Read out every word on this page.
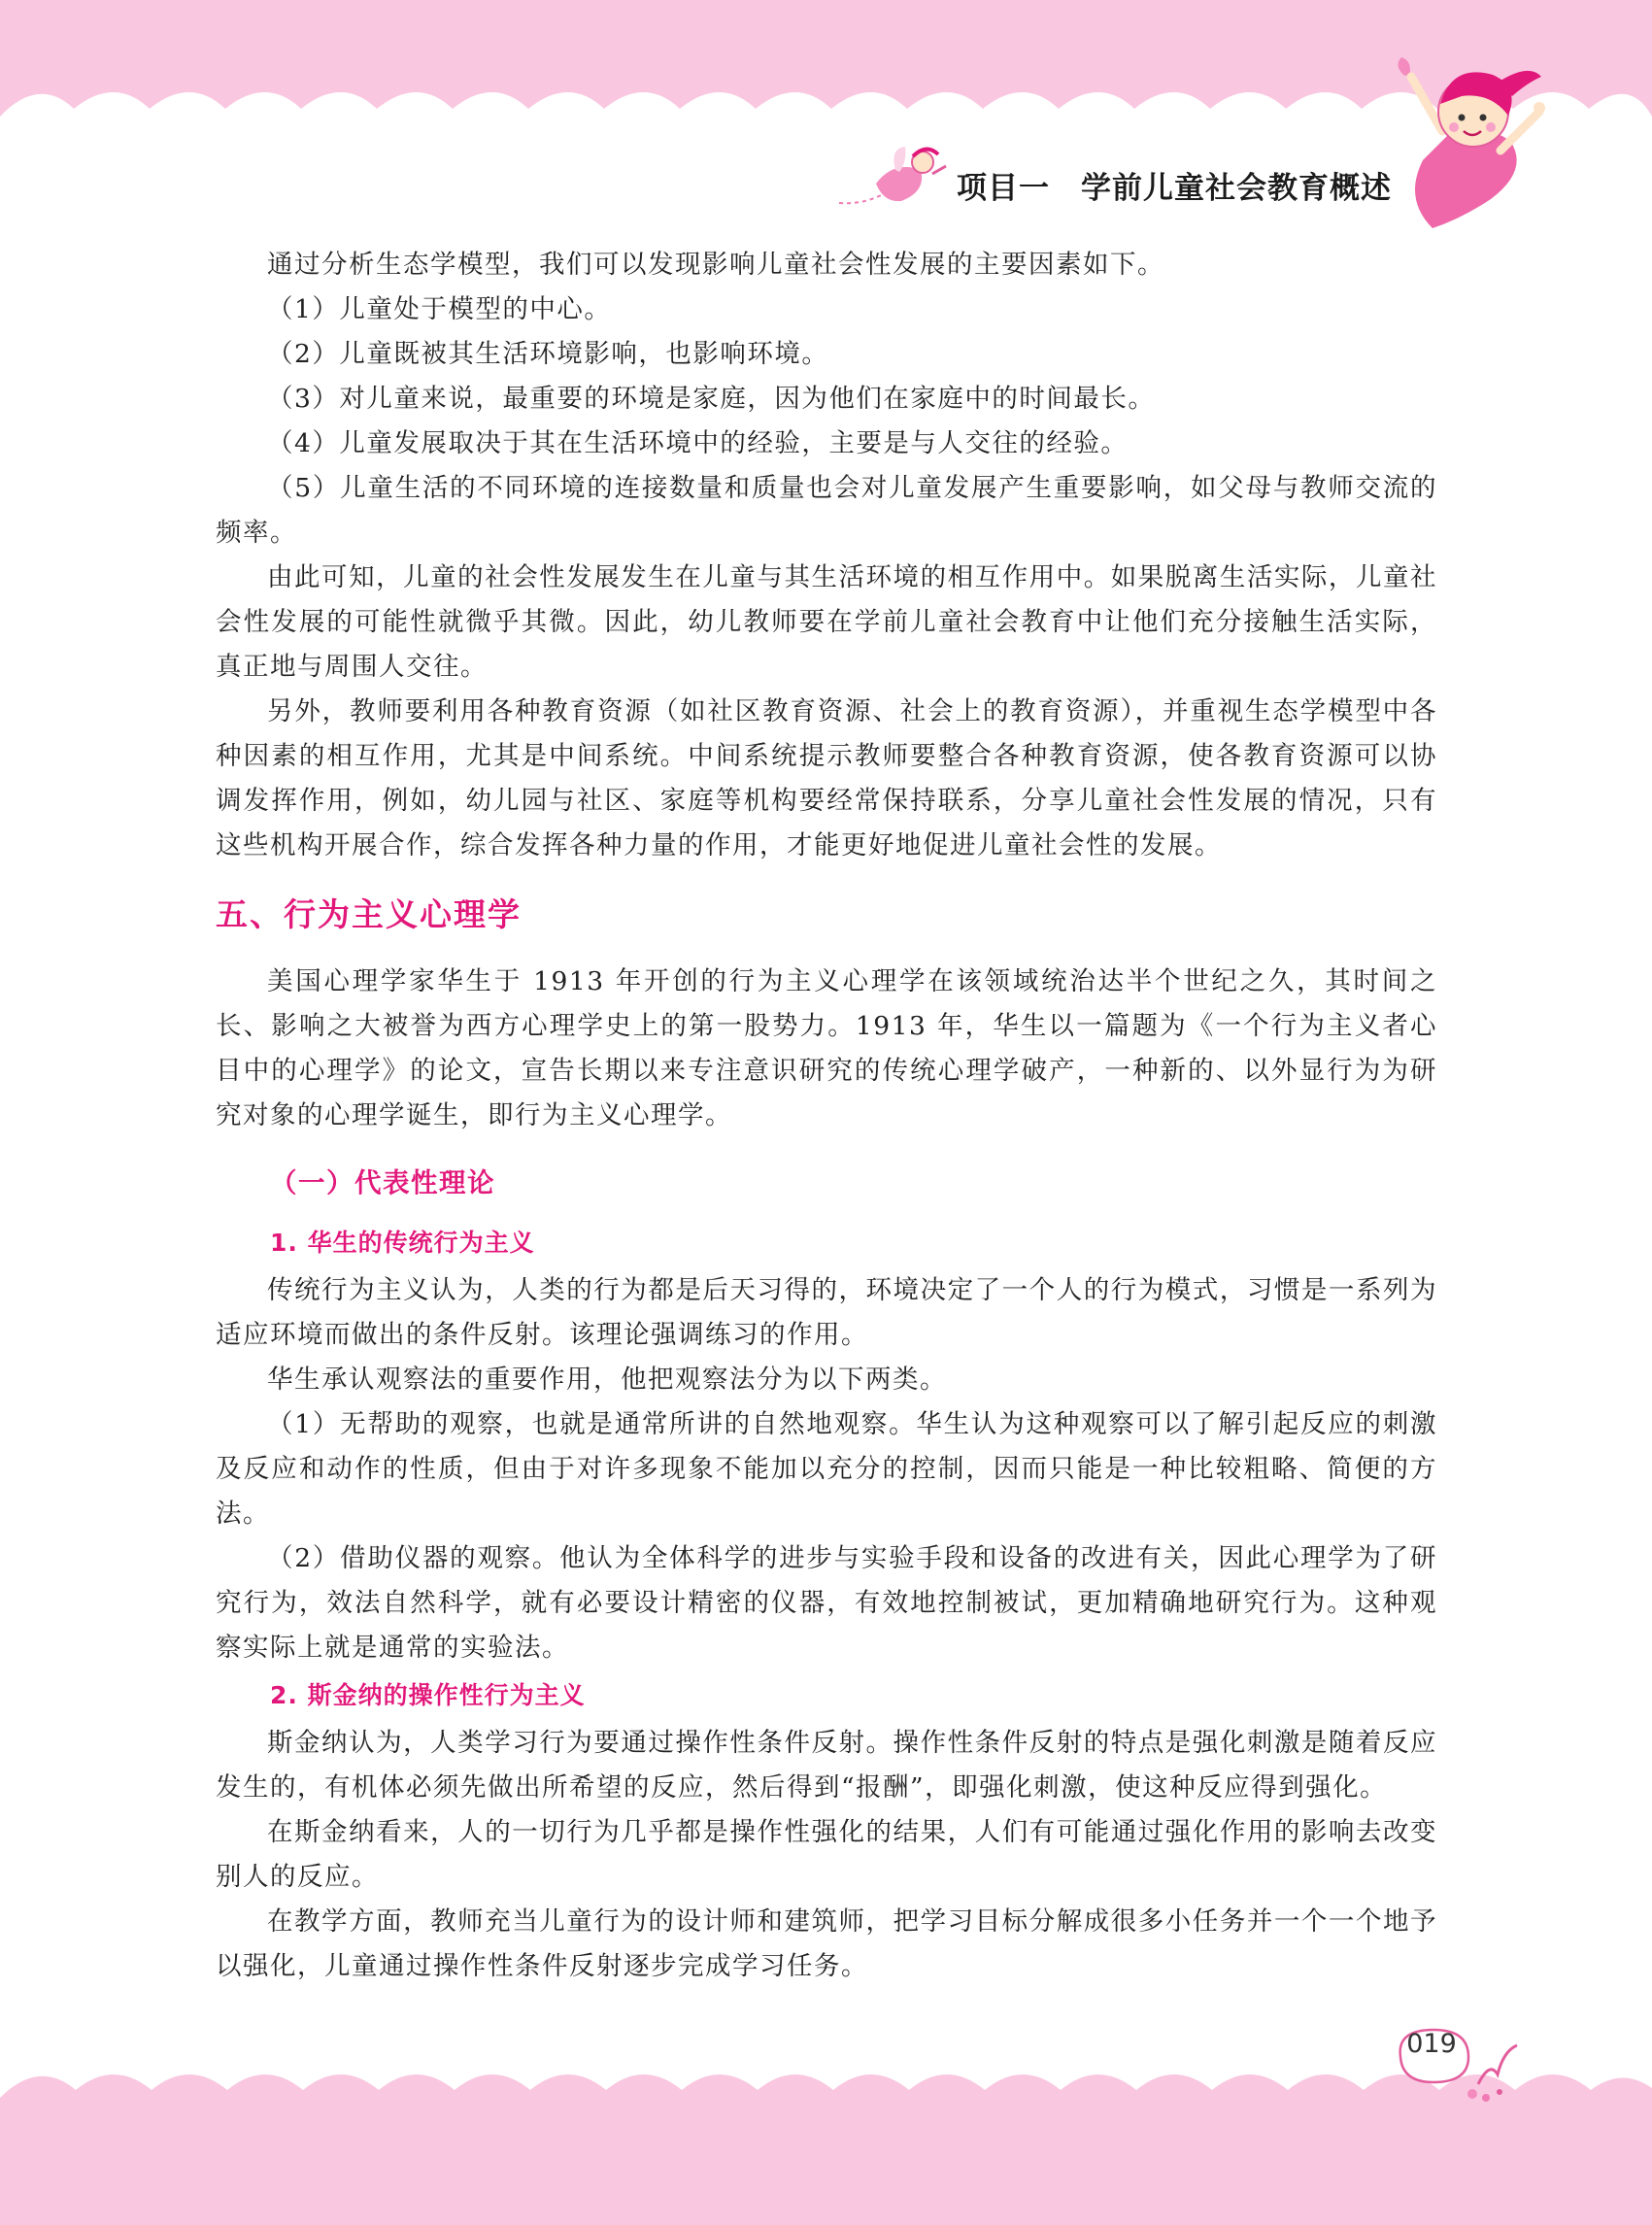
项目一　学前儿童社会教育概述

通过分析生态学模型，我们可以发现影响儿童社会性发展的主要因素如下。

（1）儿童处于模型的中心。

（2）儿童既被其生活环境影响，也影响环境。

（3）对儿童来说，最重要的环境是家庭，因为他们在家庭中的时间最长。

（4）儿童发展取决于其在生活环境中的经验，主要是与人交往的经验。

（5）儿童生活的不同环境的连接数量和质量也会对儿童发展产生重要影响，如父母与教师交流的频率。

由此可知，儿童的社会性发展发生在儿童与其生活环境的相互作用中。如果脱离生活实际，儿童社会性发展的可能性就微乎其微。因此，幼儿教师要在学前儿童社会教育中让他们充分接触生活实际，真正地与周围人交往。

另外，教师要利用各种教育资源（如社区教育资源、社会上的教育资源），并重视生态学模型中各种因素的相互作用，尤其是中间系统。中间系统提示教师要整合各种教育资源，使各教育资源可以协调发挥作用，例如，幼儿园与社区、家庭等机构要经常保持联系，分享儿童社会性发展的情况，只有这些机构开展合作，综合发挥各种力量的作用，才能更好地促进儿童社会性的发展。

五、行为主义心理学

美国心理学家华生于 1913 年开创的行为主义心理学在该领域统治达半个世纪之久，其时间之长、影响之大被誉为西方心理学史上的第一股势力。1913 年，华生以一篇题为《一个行为主义者心目中的心理学》的论文，宣告长期以来专注意识研究的传统心理学破产，一种新的、以外显行为为研究对象的心理学诞生，即行为主义心理学。

（一）代表性理论
1. 华生的传统行为主义

传统行为主义认为，人类的行为都是后天习得的，环境决定了一个人的行为模式，习惯是一系列为适应环境而做出的条件反射。该理论强调练习的作用。

华生承认观察法的重要作用，他把观察法分为以下两类。

（1）无帮助的观察，也就是通常所讲的自然地观察。华生认为这种观察可以了解引起反应的刺激及反应和动作的性质，但由于对许多现象不能加以充分的控制，因而只能是一种比较粗略、简便的方法。

（2）借助仪器的观察。他认为全体科学的进步与实验手段和设备的改进有关，因此心理学为了研究行为，效法自然科学，就有必要设计精密的仪器，有效地控制被试，更加精确地研究行为。这种观察实际上就是通常的实验法。

2. 斯金纳的操作性行为主义

斯金纳认为，人类学习行为要通过操作性条件反射。操作性条件反射的特点是强化刺激是随着反应发生的，有机体必须先做出所希望的反应，然后得到“报酬”，即强化刺激，使这种反应得到强化。

在斯金纳看来，人的一切行为几乎都是操作性强化的结果，人们有可能通过强化作用的影响去改变别人的反应。

在教学方面，教师充当儿童行为的设计师和建筑师，把学习目标分解成很多小任务并一个一个地予以强化，儿童通过操作性条件反射逐步完成学习任务。

019
